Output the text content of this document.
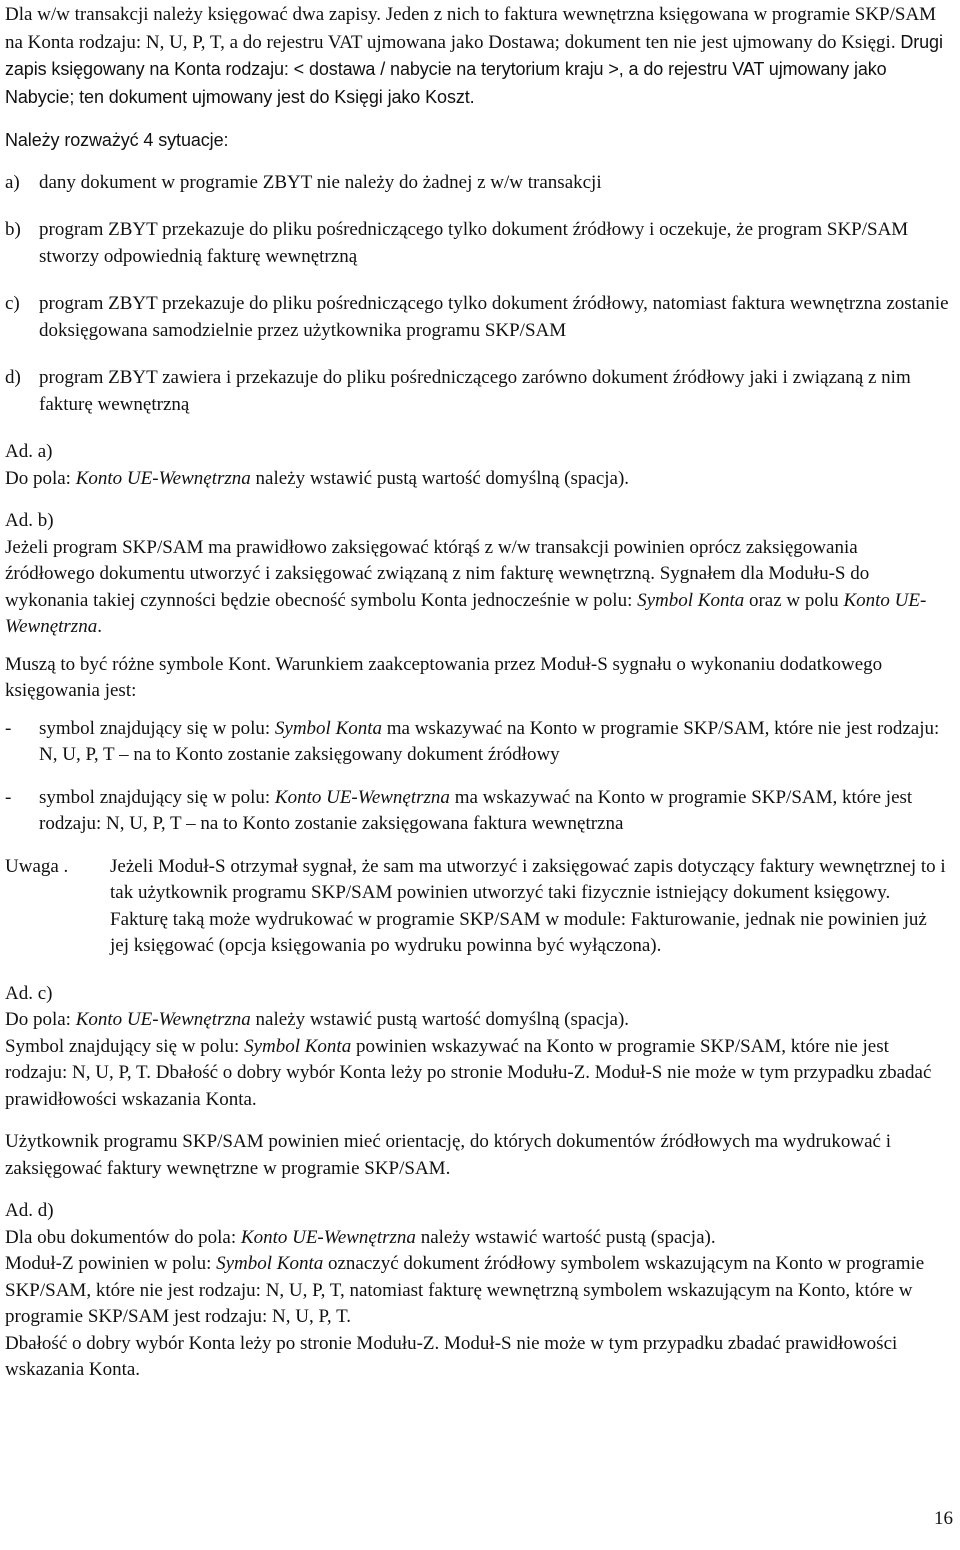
Dla w/w transakcji należy księgować dwa zapisy. Jeden z nich to faktura wewnętrzna księgowana w programie SKP/SAM na Konta rodzaju: N, U, P, T, a do rejestru VAT ujmowana jako Dostawa; dokument ten nie jest ujmowany do Księgi. Drugi zapis księgowany na Konta rodzaju: < dostawa / nabycie na terytorium kraju >, a do rejestru VAT ujmowany jako Nabycie; ten dokument ujmowany jest do Księgi jako Koszt.

Należy rozważyć 4 sytuacje:

a)	dany dokument w programie ZBYT nie należy do żadnej z w/w transakcji
b) program ZBYT przekazuje do pliku pośredniczącego tylko dokument źródłowy i oczekuje, że program SKP/SAM stworzy odpowiednią fakturę wewnętrzną
c)	program ZBYT przekazuje do pliku pośredniczącego tylko dokument źródłowy, natomiast faktura wewnętrzna zostanie doksięgowana samodzielnie przez użytkownika programu SKP/SAM
d) program ZBYT zawiera i przekazuje do pliku pośredniczącego zarówno dokument źródłowy jaki i związaną z nim fakturę wewnętrzną

Ad. a)

Do pola: Konto UE-Wewnętrzna należy wstawić pustą wartość domyślną (spacja).

Ad. b)

Jeżeli program SKP/SAM ma prawidłowo zaksięgować którąś z w/w transakcji powinien oprócz zaksięgowania źródłowego dokumentu utworzyć i zaksięgować związaną z nim fakturę wewnętrzną. Sygnałem dla Modułu-S do wykonania takiej czynności będzie obecność symbolu Konta jednocześnie w polu: Symbol Konta oraz w polu Konto UE-Wewnętrzna.

Muszą to być różne symbole Kont. Warunkiem zaakceptowania przez Moduł-S sygnału o wykonaniu dodatkowego księgowania jest:

-	symbol znajdujący się w polu: Symbol Konta ma wskazywać na Konto w programie SKP/SAM, które nie jest rodzaju: N, U, P, T – na to Konto zostanie zaksięgowany dokument źródłowy
-	symbol znajdujący się w polu: Konto UE-Wewnętrzna ma wskazywać na Konto w programie SKP/SAM, które jest rodzaju: N, U, P, T – na to Konto zostanie zaksięgowana faktura wewnętrzna
Uwaga .	Jeżeli Moduł-S otrzymał sygnał, że sam ma utworzyć i zaksięgować zapis dotyczący faktury wewnętrznej to i tak użytkownik programu SKP/SAM powinien utworzyć taki fizycznie istniejący dokument księgowy. Fakturę taką może wydrukować w programie SKP/SAM w module: Fakturowanie, jednak nie powinien już jej księgować (opcja księgowania po wydruku powinna być wyłączona).

Ad. c)

Do pola: Konto UE-Wewnętrzna należy wstawić pustą wartość domyślną (spacja).

Symbol znajdujący się w polu: Symbol Konta powinien wskazywać na Konto w programie SKP/SAM, które nie jest rodzaju: N, U, P, T. Dbałość o dobry wybór Konta leży po stronie Modułu-Z. Moduł-S nie może w tym przypadku zbadać prawidłowości wskazania Konta.

Użytkownik programu SKP/SAM powinien mieć orientację, do których dokumentów źródłowych ma wydrukować i zaksięgować faktury wewnętrzne w programie SKP/SAM.

Ad. d)

Dla obu dokumentów do pola: Konto UE-Wewnętrzna należy wstawić wartość pustą (spacja).

Moduł-Z powinien w polu: Symbol Konta oznaczyć dokument źródłowy symbolem wskazującym na Konto w programie SKP/SAM, które nie jest rodzaju: N, U, P, T, natomiast fakturę wewnętrzną symbolem wskazującym na Konto, które w programie SKP/SAM jest rodzaju: N, U, P, T.

Dbałość o dobry wybór Konta leży po stronie Modułu-Z. Moduł-S nie może w tym przypadku zbadać prawidłowości wskazania Konta.

16
